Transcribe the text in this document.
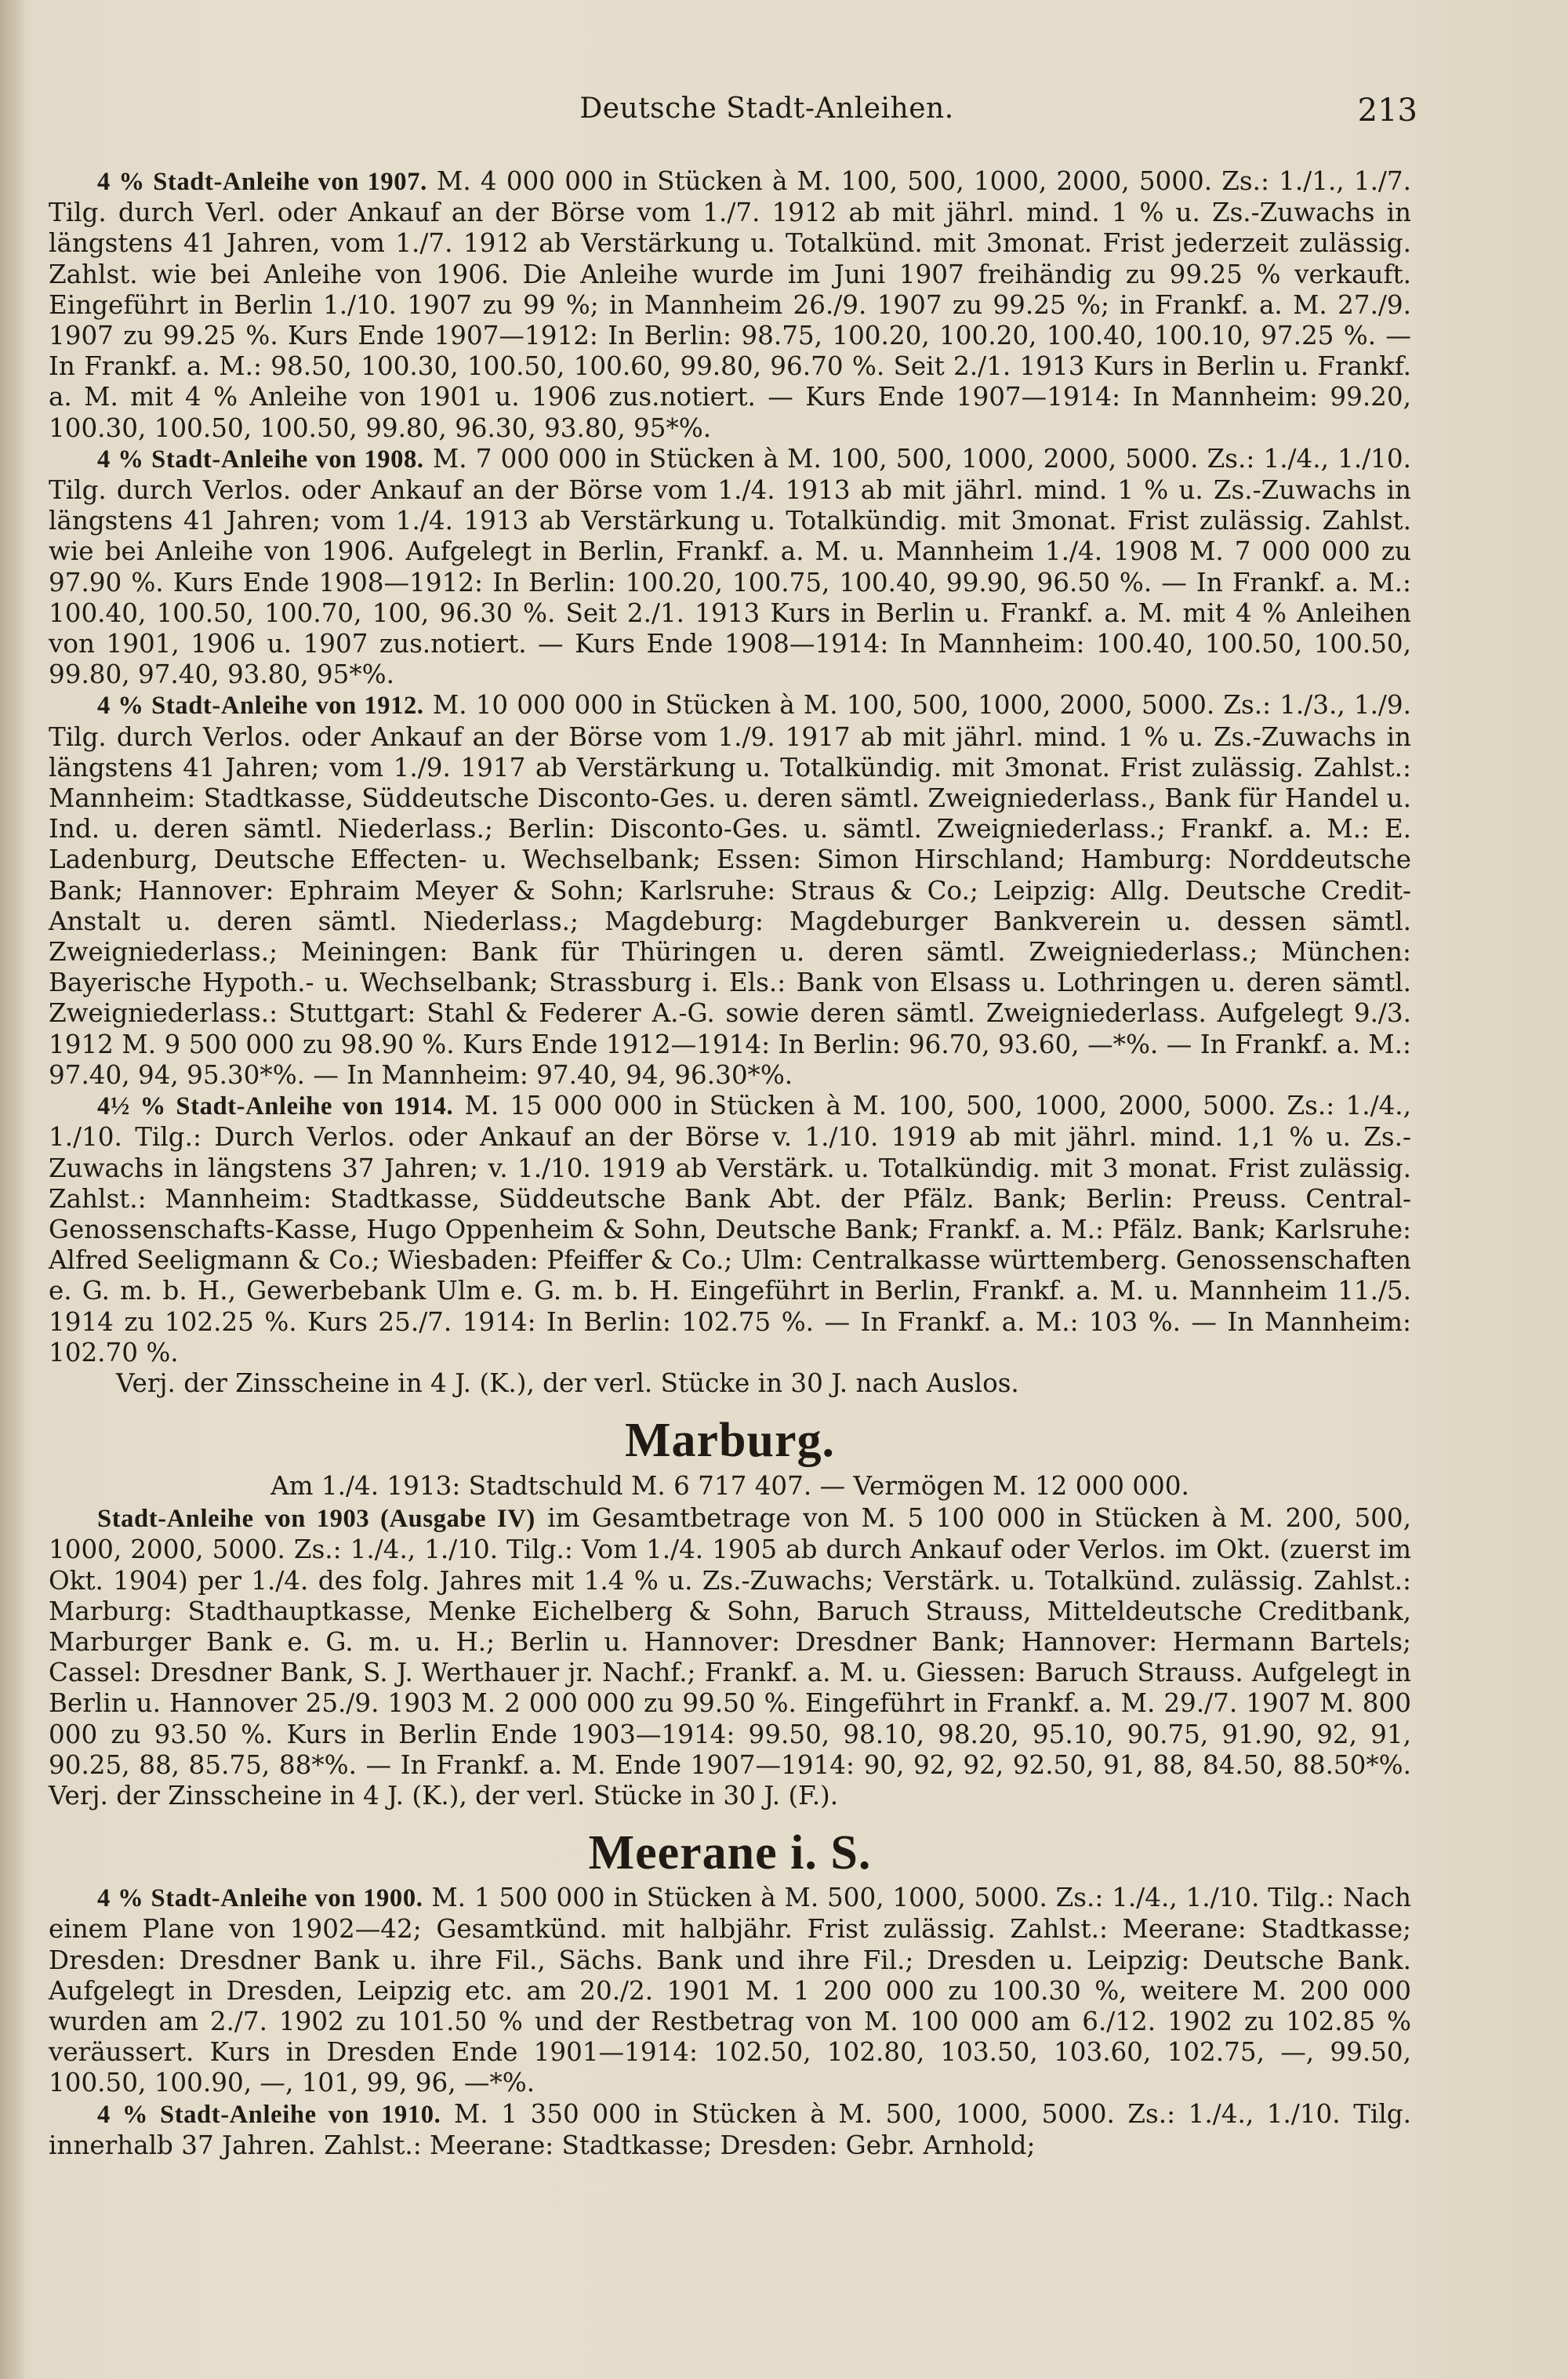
Deutsche Stadt-Anleihen.	213

4 % Stadt-Anleihe von 1907. M. 4 000 000 in Stücken à M. 100, 500, 1000, 2000, 5000. Zs.: 1./1., 1./7. Tilg. durch Verl. oder Ankauf an der Börse vom 1./7. 1912 ab mit jährl. mind. 1 % u. Zs.-Zuwachs in längstens 41 Jahren, vom 1./7. 1912 ab Verstärkung u. Totalkünd. mit 3monat. Frist jederzeit zulässig. Zahlst. wie bei Anleihe von 1906. Die Anleihe wurde im Juni 1907 freihändig zu 99.25 % verkauft. Eingeführt in Berlin 1./10. 1907 zu 99 %; in Mannheim 26./9. 1907 zu 99.25 %; in Frankf. a. M. 27./9. 1907 zu 99.25 %. Kurs Ende 1907—1912: In Berlin: 98.75, 100.20, 100.20, 100.40, 100.10, 97.25 %. — In Frankf. a. M.: 98.50, 100.30, 100.50, 100.60, 99.80, 96.70 %. Seit 2./1. 1913 Kurs in Berlin u. Frankf. a. M. mit 4 % Anleihe von 1901 u. 1906 zus.notiert. — Kurs Ende 1907—1914: In Mannheim: 99.20, 100.30, 100.50, 100.50, 99.80, 96.30, 93.80, 95*%.

4 % Stadt-Anleihe von 1908. M. 7 000 000 in Stücken à M. 100, 500, 1000, 2000, 5000. Zs.: 1./4., 1./10. Tilg. durch Verlos. oder Ankauf an der Börse vom 1./4. 1913 ab mit jährl. mind. 1 % u. Zs.-Zuwachs in längstens 41 Jahren; vom 1./4. 1913 ab Verstärkung u. Totalkündig. mit 3monat. Frist zulässig. Zahlst. wie bei Anleihe von 1906. Aufgelegt in Berlin, Frankf. a. M. u. Mannheim 1./4. 1908 M. 7 000 000 zu 97.90 %. Kurs Ende 1908—1912: In Berlin: 100.20, 100.75, 100.40, 99.90, 96.50 %. — In Frankf. a. M.: 100.40, 100.50, 100.70, 100, 96.30 %. Seit 2./1. 1913 Kurs in Berlin u. Frankf. a. M. mit 4 % Anleihen von 1901, 1906 u. 1907 zus.notiert. — Kurs Ende 1908—1914: In Mannheim: 100.40, 100.50, 100.50, 99.80, 97.40, 93.80, 95*%.

4 % Stadt-Anleihe von 1912. M. 10 000 000 in Stücken à M. 100, 500, 1000, 2000, 5000. Zs.: 1./3., 1./9. Tilg. durch Verlos. oder Ankauf an der Börse vom 1./9. 1917 ab mit jährl. mind. 1 % u. Zs.-Zuwachs in längstens 41 Jahren; vom 1./9. 1917 ab Verstärkung u. Totalkündig. mit 3monat. Frist zulässig. Zahlst.: Mannheim: Stadtkasse, Süddeutsche Disconto-Ges. u. deren sämtl. Zweigniederlass., Bank für Handel u. Ind. u. deren sämtl. Niederlass.; Berlin: Disconto-Ges. u. sämtl. Zweigniederlass.; Frankf. a. M.: E. Ladenburg, Deutsche Effecten- u. Wechselbank; Essen: Simon Hirschland; Hamburg: Norddeutsche Bank; Hannover: Ephraim Meyer & Sohn; Karlsruhe: Straus & Co.; Leipzig: Allg. Deutsche Credit-Anstalt u. deren sämtl. Niederlass.; Magdeburg: Magdeburger Bankverein u. dessen sämtl. Zweigniederlass.; Meiningen: Bank für Thüringen u. deren sämtl. Zweigniederlass.; München: Bayerische Hypoth.- u. Wechselbank; Strassburg i. Els.: Bank von Elsass u. Lothringen u. deren sämtl. Zweigniederlass.: Stuttgart: Stahl & Federer A.-G. sowie deren sämtl. Zweigniederlass. Aufgelegt 9./3. 1912 M. 9 500 000 zu 98.90 %. Kurs Ende 1912—1914: In Berlin: 96.70, 93.60, —*%. — In Frankf. a. M.: 97.40, 94, 95.30*%. — In Mannheim: 97.40, 94, 96.30*%.

4½ % Stadt-Anleihe von 1914. M. 15 000 000 in Stücken à M. 100, 500, 1000, 2000, 5000. Zs.: 1./4., 1./10. Tilg.: Durch Verlos. oder Ankauf an der Börse v. 1./10. 1919 ab mit jährl. mind. 1,1 % u. Zs.-Zuwachs in längstens 37 Jahren; v. 1./10. 1919 ab Verstärk. u. Totalkündig. mit 3 monat. Frist zulässig. Zahlst.: Mannheim: Stadtkasse, Süddeutsche Bank Abt. der Pfälz. Bank; Berlin: Preuss. Central-Genossenschafts-Kasse, Hugo Oppenheim & Sohn, Deutsche Bank; Frankf. a. M.: Pfälz. Bank; Karlsruhe: Alfred Seeligmann & Co.; Wiesbaden: Pfeiffer & Co.; Ulm: Centralkasse württemberg. Genossenschaften e. G. m. b. H., Gewerbebank Ulm e. G. m. b. H. Eingeführt in Berlin, Frankf. a. M. u. Mannheim 11./5. 1914 zu 102.25 %. Kurs 25./7. 1914: In Berlin: 102.75 %. — In Frankf. a. M.: 103 %. — In Mannheim: 102.70 %.

Verj. der Zinsscheine in 4 J. (K.), der verl. Stücke in 30 J. nach Auslos.

Marburg.

Am 1./4. 1913: Stadtschuld M. 6 717 407. — Vermögen M. 12 000 000.

Stadt-Anleihe von 1903 (Ausgabe IV) im Gesamtbetrage von M. 5 100 000 in Stücken à M. 200, 500, 1000, 2000, 5000. Zs.: 1./4., 1./10. Tilg.: Vom 1./4. 1905 ab durch Ankauf oder Verlos. im Okt. (zuerst im Okt. 1904) per 1./4. des folg. Jahres mit 1.4 % u. Zs.-Zuwachs; Verstärk. u. Totalkünd. zulässig. Zahlst.: Marburg: Stadthauptkasse, Menke Eichelberg & Sohn, Baruch Strauss, Mitteldeutsche Creditbank, Marburger Bank e. G. m. u. H.; Berlin u. Hannover: Dresdner Bank; Hannover: Hermann Bartels; Cassel: Dresdner Bank, S. J. Werthauer jr. Nachf.; Frankf. a. M. u. Giessen: Baruch Strauss. Aufgelegt in Berlin u. Hannover 25./9. 1903 M. 2 000 000 zu 99.50 %. Eingeführt in Frankf. a. M. 29./7. 1907 M. 800 000 zu 93.50 %. Kurs in Berlin Ende 1903—1914: 99.50, 98.10, 98.20, 95.10, 90.75, 91.90, 92, 91, 90.25, 88, 85.75, 88*%. — In Frankf. a. M. Ende 1907—1914: 90, 92, 92, 92.50, 91, 88, 84.50, 88.50*%. Verj. der Zinsscheine in 4 J. (K.), der verl. Stücke in 30 J. (F.).

Meerane i. S.

4 % Stadt-Anleihe von 1900. M. 1 500 000 in Stücken à M. 500, 1000, 5000. Zs.: 1./4., 1./10. Tilg.: Nach einem Plane von 1902—42; Gesamtkünd. mit halbjähr. Frist zulässig. Zahlst.: Meerane: Stadtkasse; Dresden: Dresdner Bank u. ihre Fil., Sächs. Bank und ihre Fil.; Dresden u. Leipzig: Deutsche Bank. Aufgelegt in Dresden, Leipzig etc. am 20./2. 1901 M. 1 200 000 zu 100.30 %, weitere M. 200 000 wurden am 2./7. 1902 zu 101.50 % und der Restbetrag von M. 100 000 am 6./12. 1902 zu 102.85 % veräussert. Kurs in Dresden Ende 1901—1914: 102.50, 102.80, 103.50, 103.60, 102.75, —, 99.50, 100.50, 100.90, —, 101, 99, 96, —*%.

4 % Stadt-Anleihe von 1910. M. 1 350 000 in Stücken à M. 500, 1000, 5000. Zs.: 1./4., 1./10. Tilg. innerhalb 37 Jahren. Zahlst.: Meerane: Stadtkasse; Dresden: Gebr. Arnhold;
